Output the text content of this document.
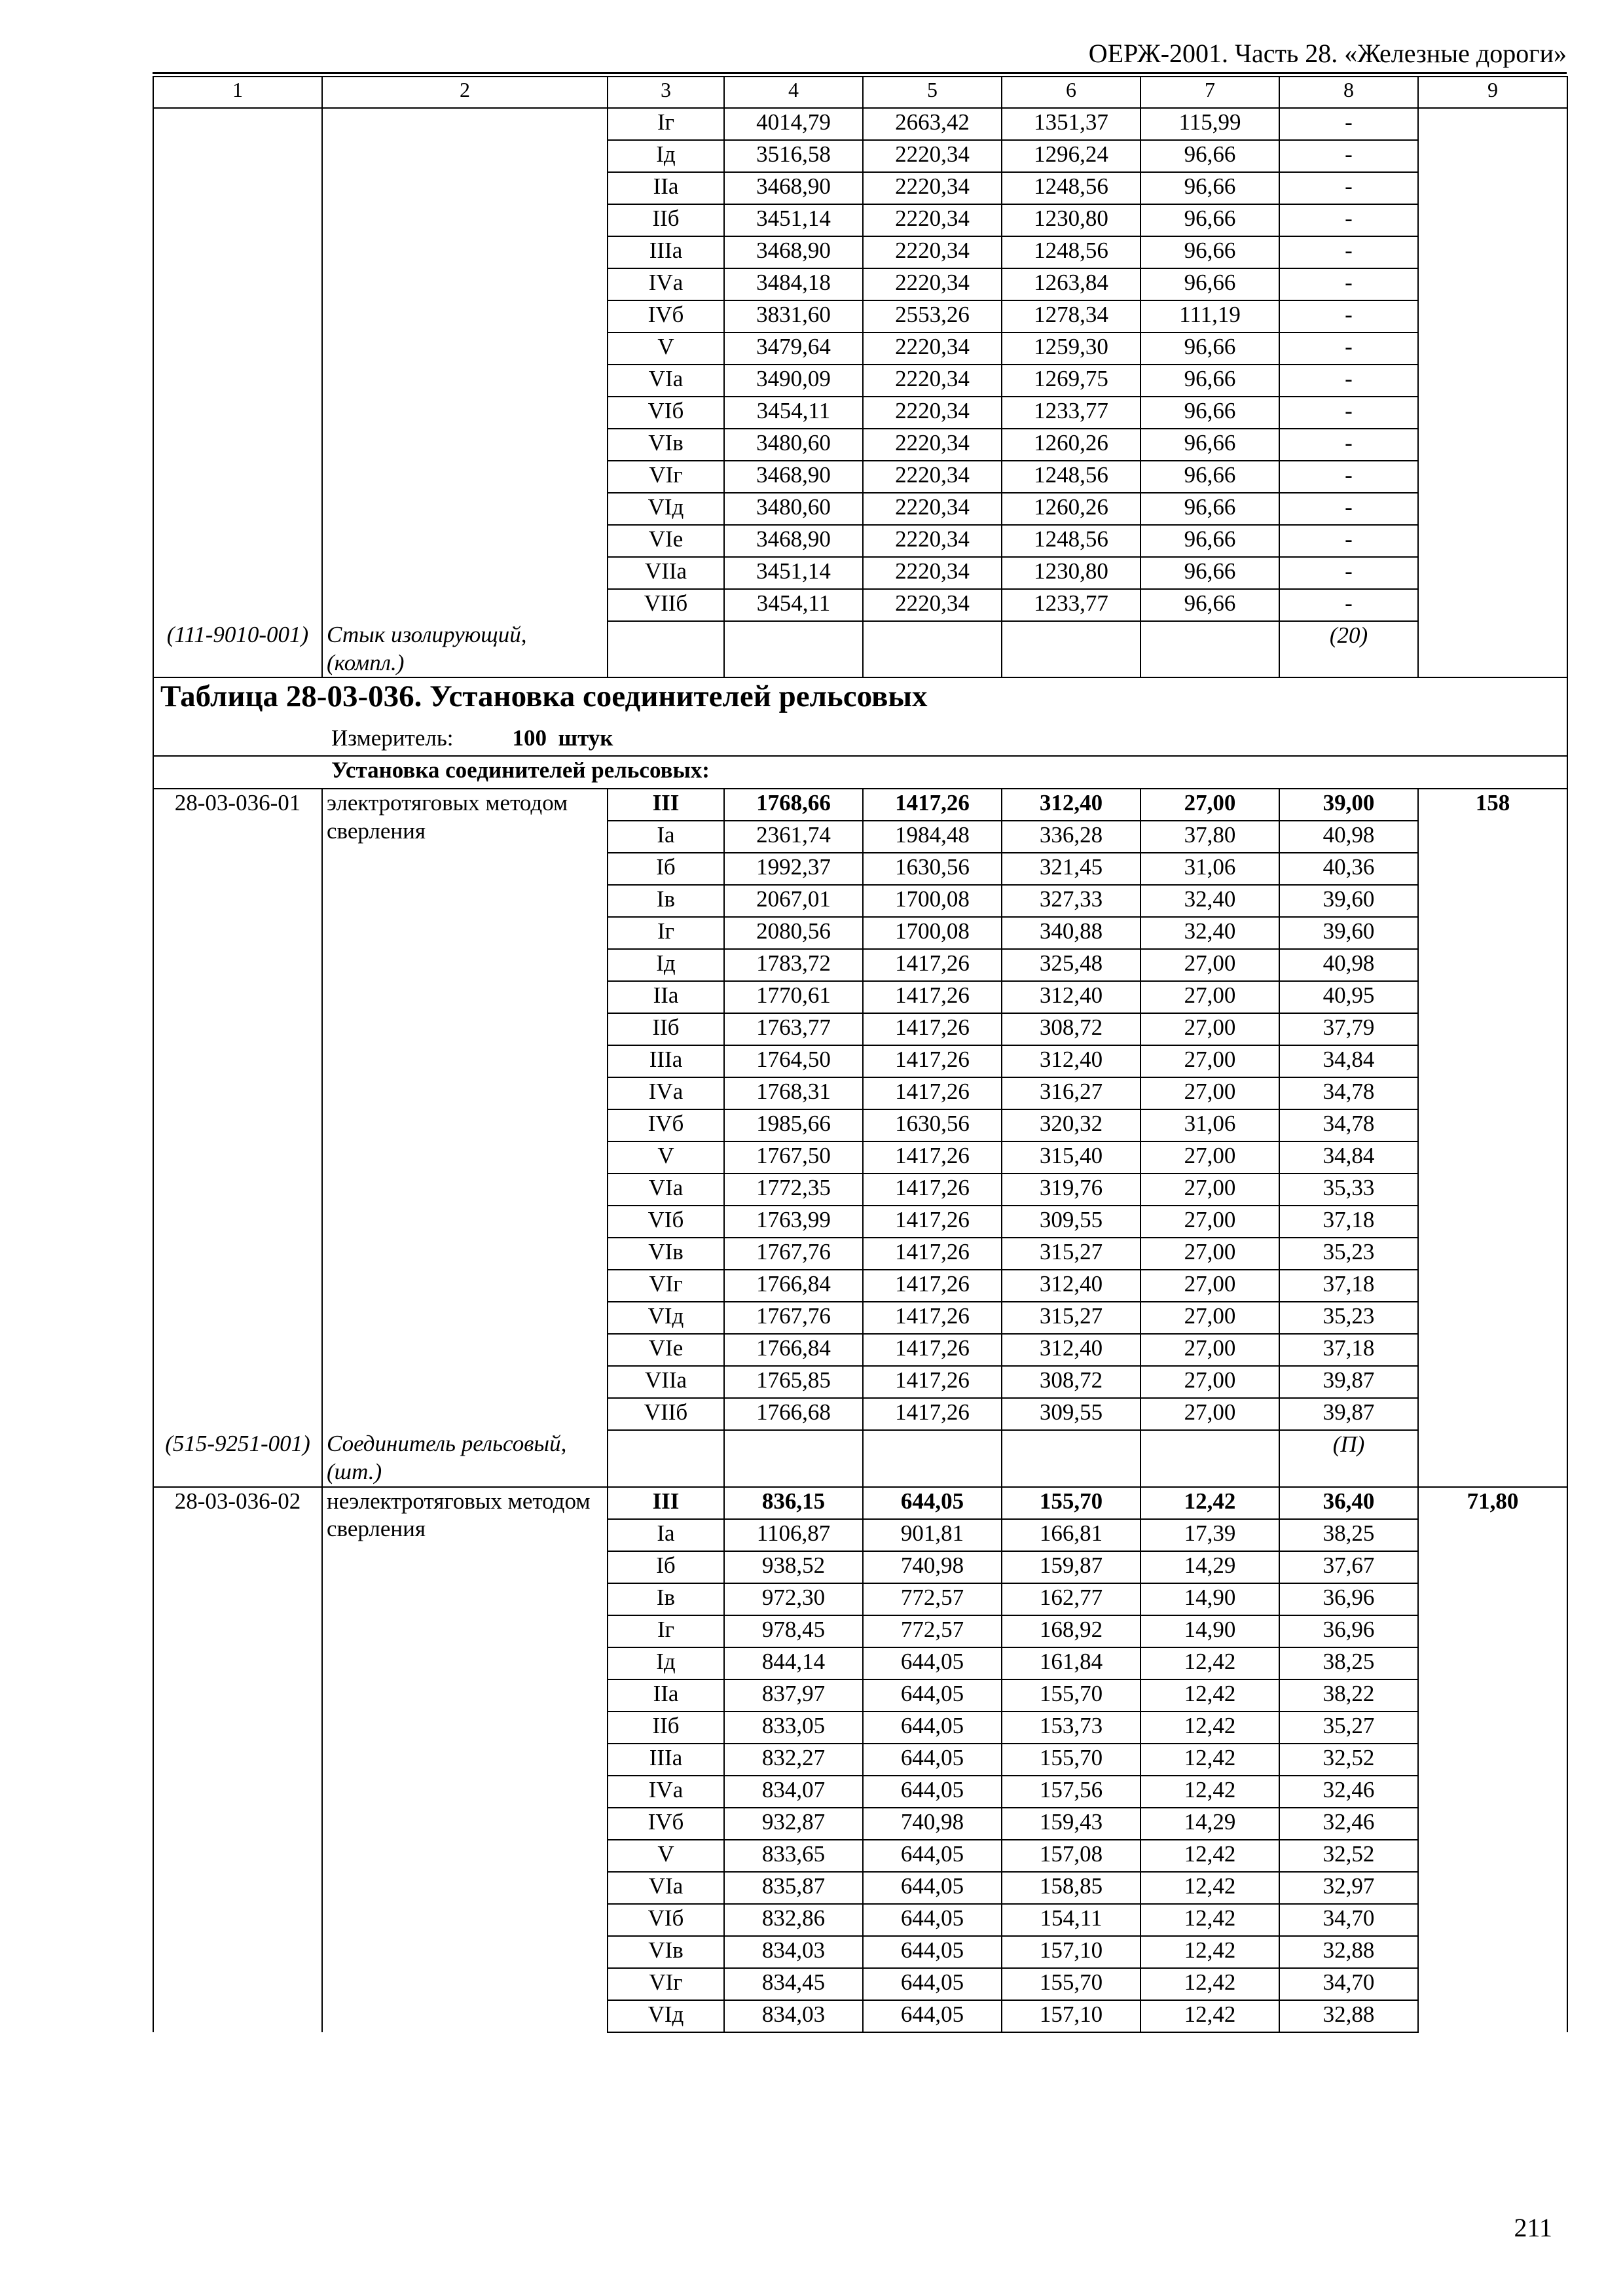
ОЕРЖ-2001. Часть 28. «Железные дороги»
1	2	3	4	5	6	7	8	9
		Iг	4014,79	2663,42	1351,37	115,99	-	
		Iд	3516,58	2220,34	1296,24	96,66	-	
		IIа	3468,90	2220,34	1248,56	96,66	-	
		IIб	3451,14	2220,34	1230,80	96,66	-	
		IIIа	3468,90	2220,34	1248,56	96,66	-	
		IVа	3484,18	2220,34	1263,84	96,66	-	
		IVб	3831,60	2553,26	1278,34	111,19	-	
		V	3479,64	2220,34	1259,30	96,66	-	
		VIа	3490,09	2220,34	1269,75	96,66	-	
		VIб	3454,11	2220,34	1233,77	96,66	-	
		VIв	3480,60	2220,34	1260,26	96,66	-	
		VIг	3468,90	2220,34	1248,56	96,66	-	
		VIд	3480,60	2220,34	1260,26	96,66	-	
		VIе	3468,90	2220,34	1248,56	96,66	-	
		VIIа	3451,14	2220,34	1230,80	96,66	-	
		VIIб	3454,11	2220,34	1233,77	96,66	-	
(111-9010-001)	Стык изолирующий, (компл.)						(20)	
Таблица 28-03-036. Установка соединителей рельсовых								
Измеритель: 100  штук								
Установка соединителей рельсовых:								
28-03-036-01	электротяговых методом сверления	III	1768,66	1417,26	312,40	27,00	39,00	158
		Iа	2361,74	1984,48	336,28	37,80	40,98	
		Iб	1992,37	1630,56	321,45	31,06	40,36	
		Iв	2067,01	1700,08	327,33	32,40	39,60	
		Iг	2080,56	1700,08	340,88	32,40	39,60	
		Iд	1783,72	1417,26	325,48	27,00	40,98	
		IIа	1770,61	1417,26	312,40	27,00	40,95	
		IIб	1763,77	1417,26	308,72	27,00	37,79	
		IIIа	1764,50	1417,26	312,40	27,00	34,84	
		IVа	1768,31	1417,26	316,27	27,00	34,78	
		IVб	1985,66	1630,56	320,32	31,06	34,78	
		V	1767,50	1417,26	315,40	27,00	34,84	
		VIа	1772,35	1417,26	319,76	27,00	35,33	
		VIб	1763,99	1417,26	309,55	27,00	37,18	
		VIв	1767,76	1417,26	315,27	27,00	35,23	
		VIг	1766,84	1417,26	312,40	27,00	37,18	
		VIд	1767,76	1417,26	315,27	27,00	35,23	
		VIе	1766,84	1417,26	312,40	27,00	37,18	
		VIIа	1765,85	1417,26	308,72	27,00	39,87	
		VIIб	1766,68	1417,26	309,55	27,00	39,87	
(515-9251-001)	Соединитель рельсовый, (шт.)						(П)	
28-03-036-02	неэлектротяговых методом сверления	III	836,15	644,05	155,70	12,42	36,40	71,80
		Iа	1106,87	901,81	166,81	17,39	38,25	
		Iб	938,52	740,98	159,87	14,29	37,67	
		Iв	972,30	772,57	162,77	14,90	36,96	
		Iг	978,45	772,57	168,92	14,90	36,96	
		Iд	844,14	644,05	161,84	12,42	38,25	
		IIа	837,97	644,05	155,70	12,42	38,22	
		IIб	833,05	644,05	153,73	12,42	35,27	
		IIIа	832,27	644,05	155,70	12,42	32,52	
		IVа	834,07	644,05	157,56	12,42	32,46	
		IVб	932,87	740,98	159,43	14,29	32,46	
		V	833,65	644,05	157,08	12,42	32,52	
		VIа	835,87	644,05	158,85	12,42	32,97	
		VIб	832,86	644,05	154,11	12,42	34,70	
		VIв	834,03	644,05	157,10	12,42	32,88	
		VIг	834,45	644,05	155,70	12,42	34,70	
		VIд	834,03	644,05	157,10	12,42	32,88	
211
